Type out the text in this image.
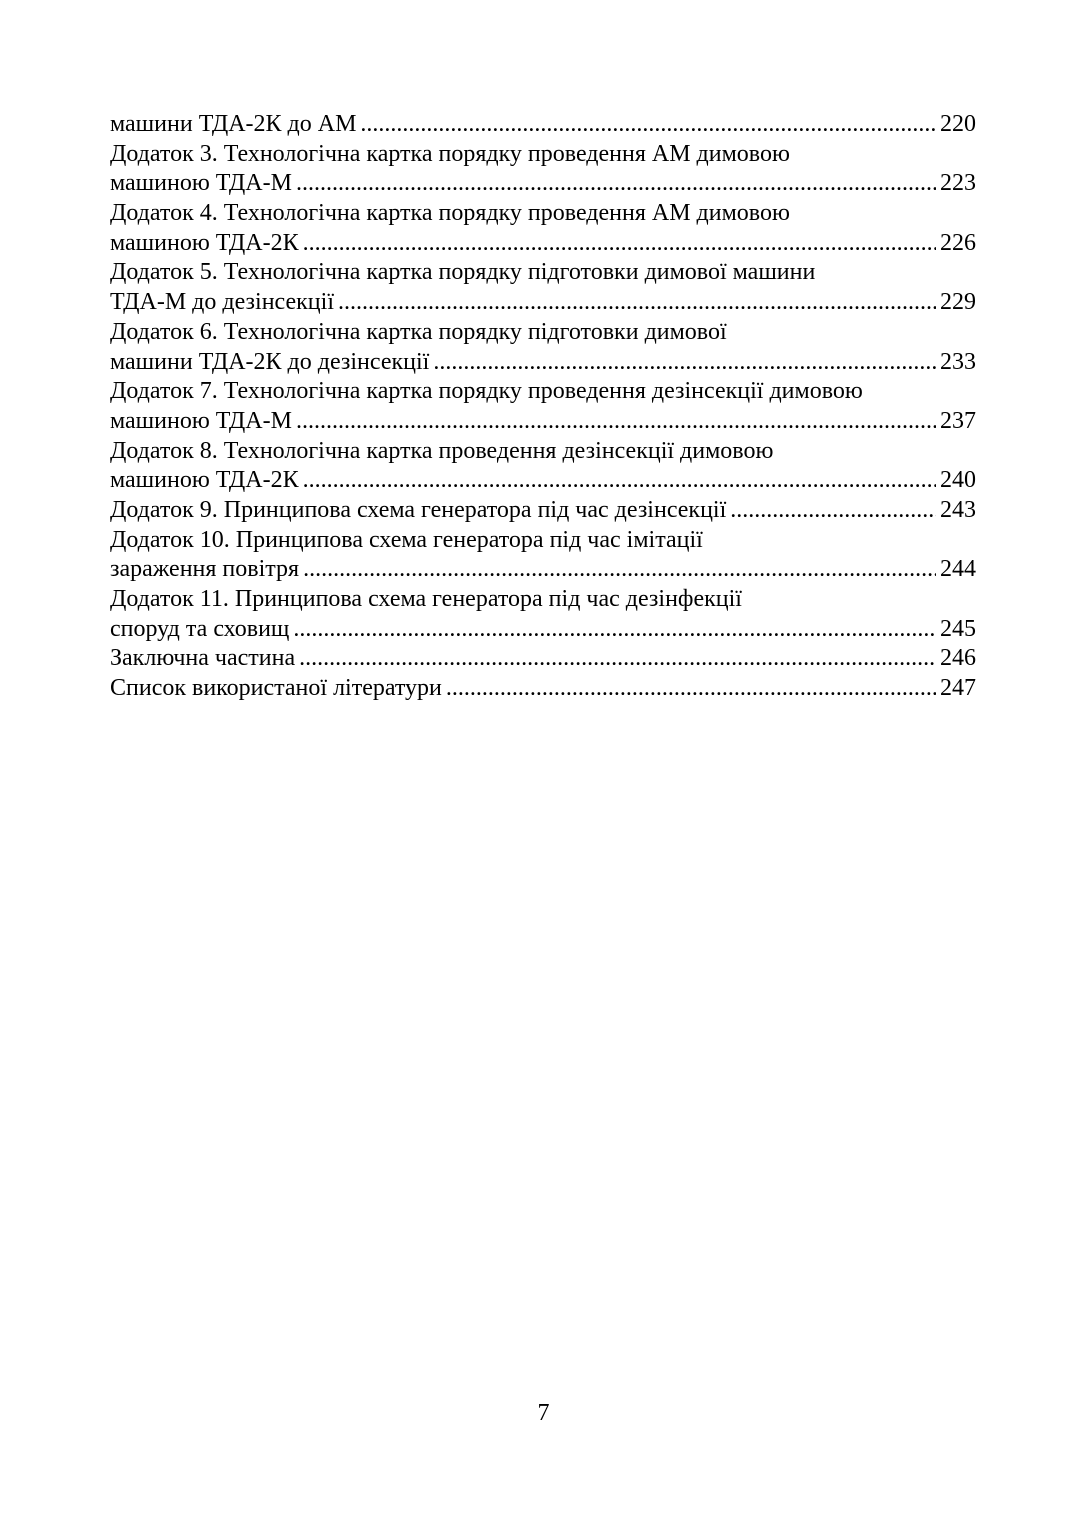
машини ТДА-2К до АМ .....	220
Додаток 3. Технологічна картка порядку проведення АМ димовою
машиною ТДА-М .....	223
Додаток 4. Технологічна картка порядку проведення АМ димовою
машиною ТДА-2К .....	226
Додаток 5. Технологічна картка порядку підготовки димової машини
ТДА-М до дезінсекції .....	229
Додаток 6. Технологічна картка порядку підготовки димової
машини ТДА-2К до дезінсекції .....	233
Додаток 7. Технологічна картка порядку проведення дезінсекції димовою
машиною ТДА-М .....	237
Додаток 8. Технологічна картка проведення дезінсекції димовою
машиною ТДА-2К .....	240
Додаток 9. Принципова схема генератора під час дезінсекції .....	243
Додаток 10. Принципова схема генератора під час імітації
зараження повітря .....	244
Додаток 11. Принципова схема генератора під час дезінфекції
споруд та сховищ .....	245
Заключна частина .....	246
Список використаної літератури .....	247
7
